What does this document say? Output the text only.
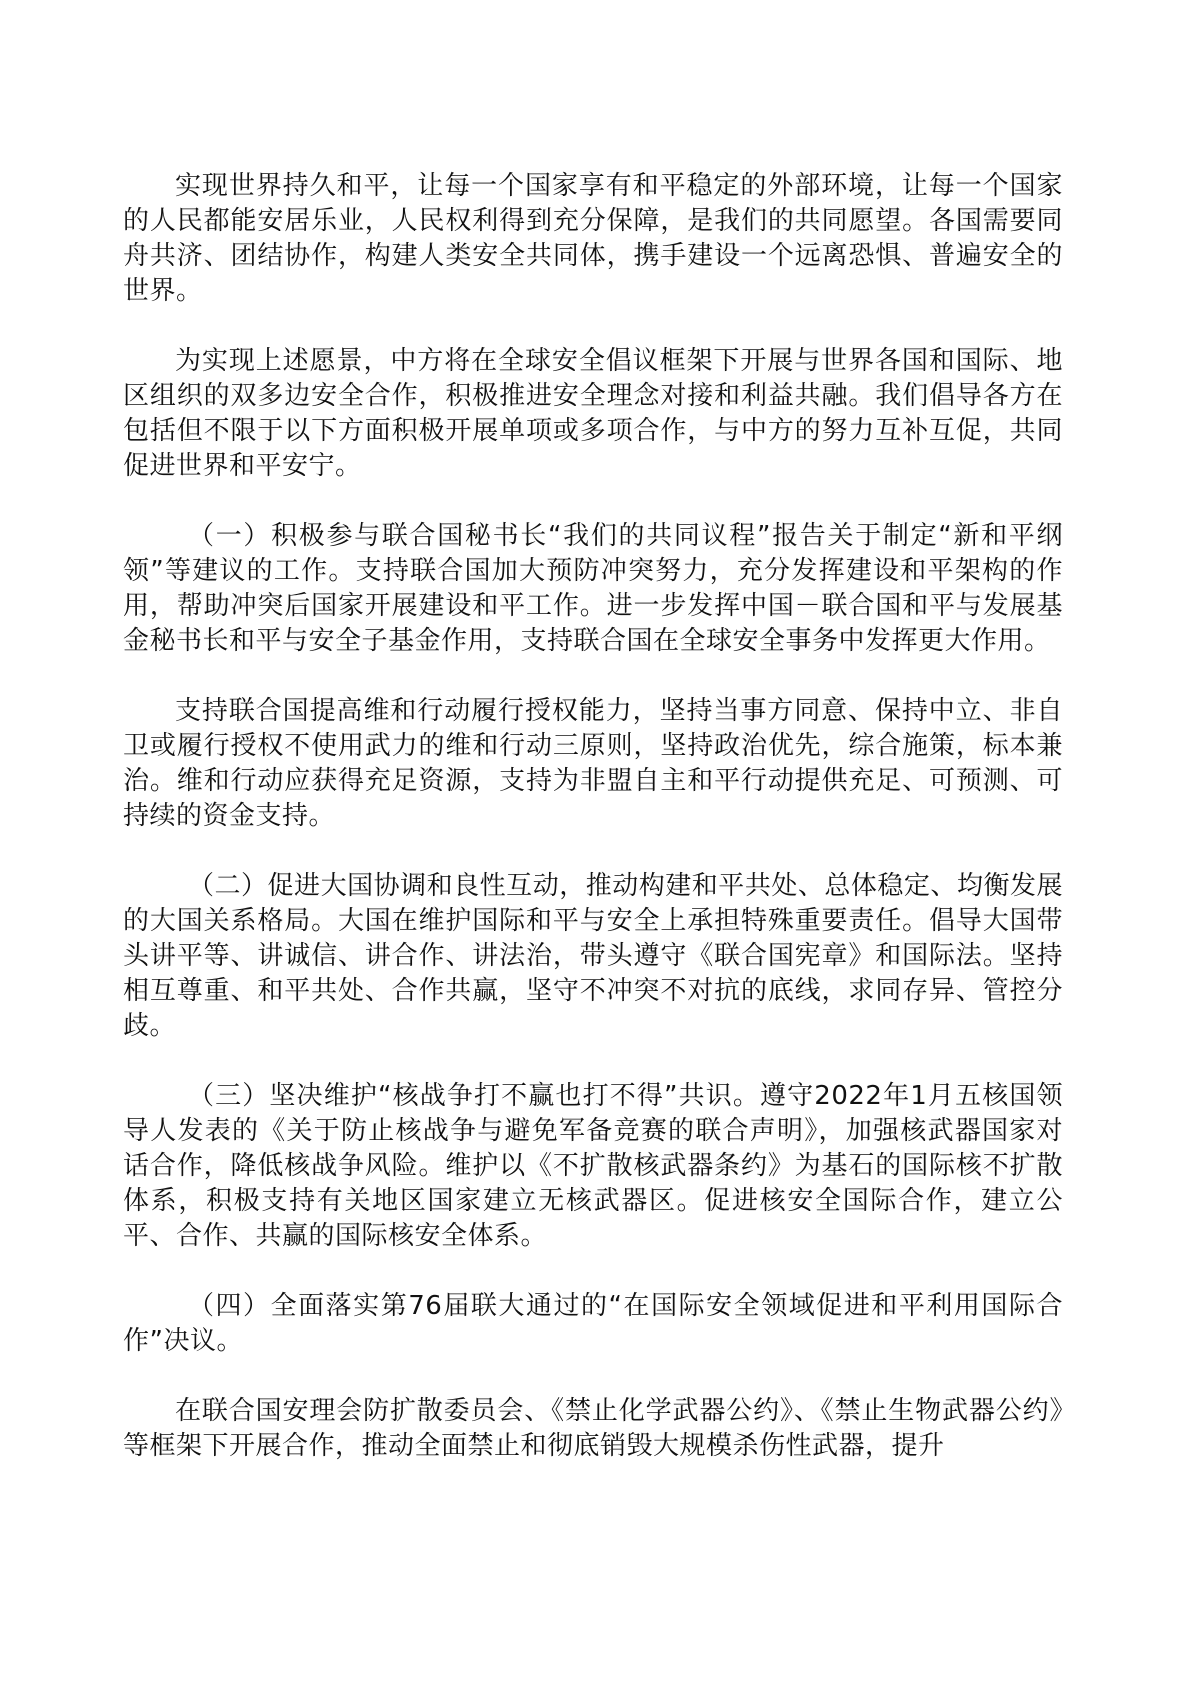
实现世界持久和平，让每一个国家享有和平稳定的外部环境，让每一个国家的人民都能安居乐业，人民权利得到充分保障，是我们的共同愿望。各国需要同舟共济、团结协作，构建人类安全共同体，携手建设一个远离恐惧、普遍安全的世界。

为实现上述愿景，中方将在全球安全倡议框架下开展与世界各国和国际、地区组织的双多边安全合作，积极推进安全理念对接和利益共融。我们倡导各方在包括但不限于以下方面积极开展单项或多项合作，与中方的努力互补互促，共同促进世界和平安宁。

（一）积极参与联合国秘书长“我们的共同议程”报告关于制定“新和平纲领”等建议的工作。支持联合国加大预防冲突努力，充分发挥建设和平架构的作用，帮助冲突后国家开展建设和平工作。进一步发挥中国－联合国和平与发展基金秘书长和平与安全子基金作用，支持联合国在全球安全事务中发挥更大作用。

支持联合国提高维和行动履行授权能力，坚持当事方同意、保持中立、非自卫或履行授权不使用武力的维和行动三原则，坚持政治优先，综合施策，标本兼治。维和行动应获得充足资源，支持为非盟自主和平行动提供充足、可预测、可持续的资金支持。

（二）促进大国协调和良性互动，推动构建和平共处、总体稳定、均衡发展的大国关系格局。大国在维护国际和平与安全上承担特殊重要责任。倡导大国带头讲平等、讲诚信、讲合作、讲法治，带头遵守《联合国宪章》和国际法。坚持相互尊重、和平共处、合作共赢，坚守不冲突不对抗的底线，求同存异、管控分歧。

（三）坚决维护“核战争打不赢也打不得”共识。遵守2022年1月五核国领导人发表的《关于防止核战争与避免军备竞赛的联合声明》，加强核武器国家对话合作，降低核战争风险。维护以《不扩散核武器条约》为基石的国际核不扩散体系，积极支持有关地区国家建立无核武器区。促进核安全国际合作，建立公平、合作、共赢的国际核安全体系。

（四）全面落实第76届联大通过的“在国际安全领域促进和平利用国际合作”决议。

在联合国安理会防扩散委员会、《禁止化学武器公约》、《禁止生物武器公约》等框架下开展合作，推动全面禁止和彻底销毁大规模杀伤性武器，提升
